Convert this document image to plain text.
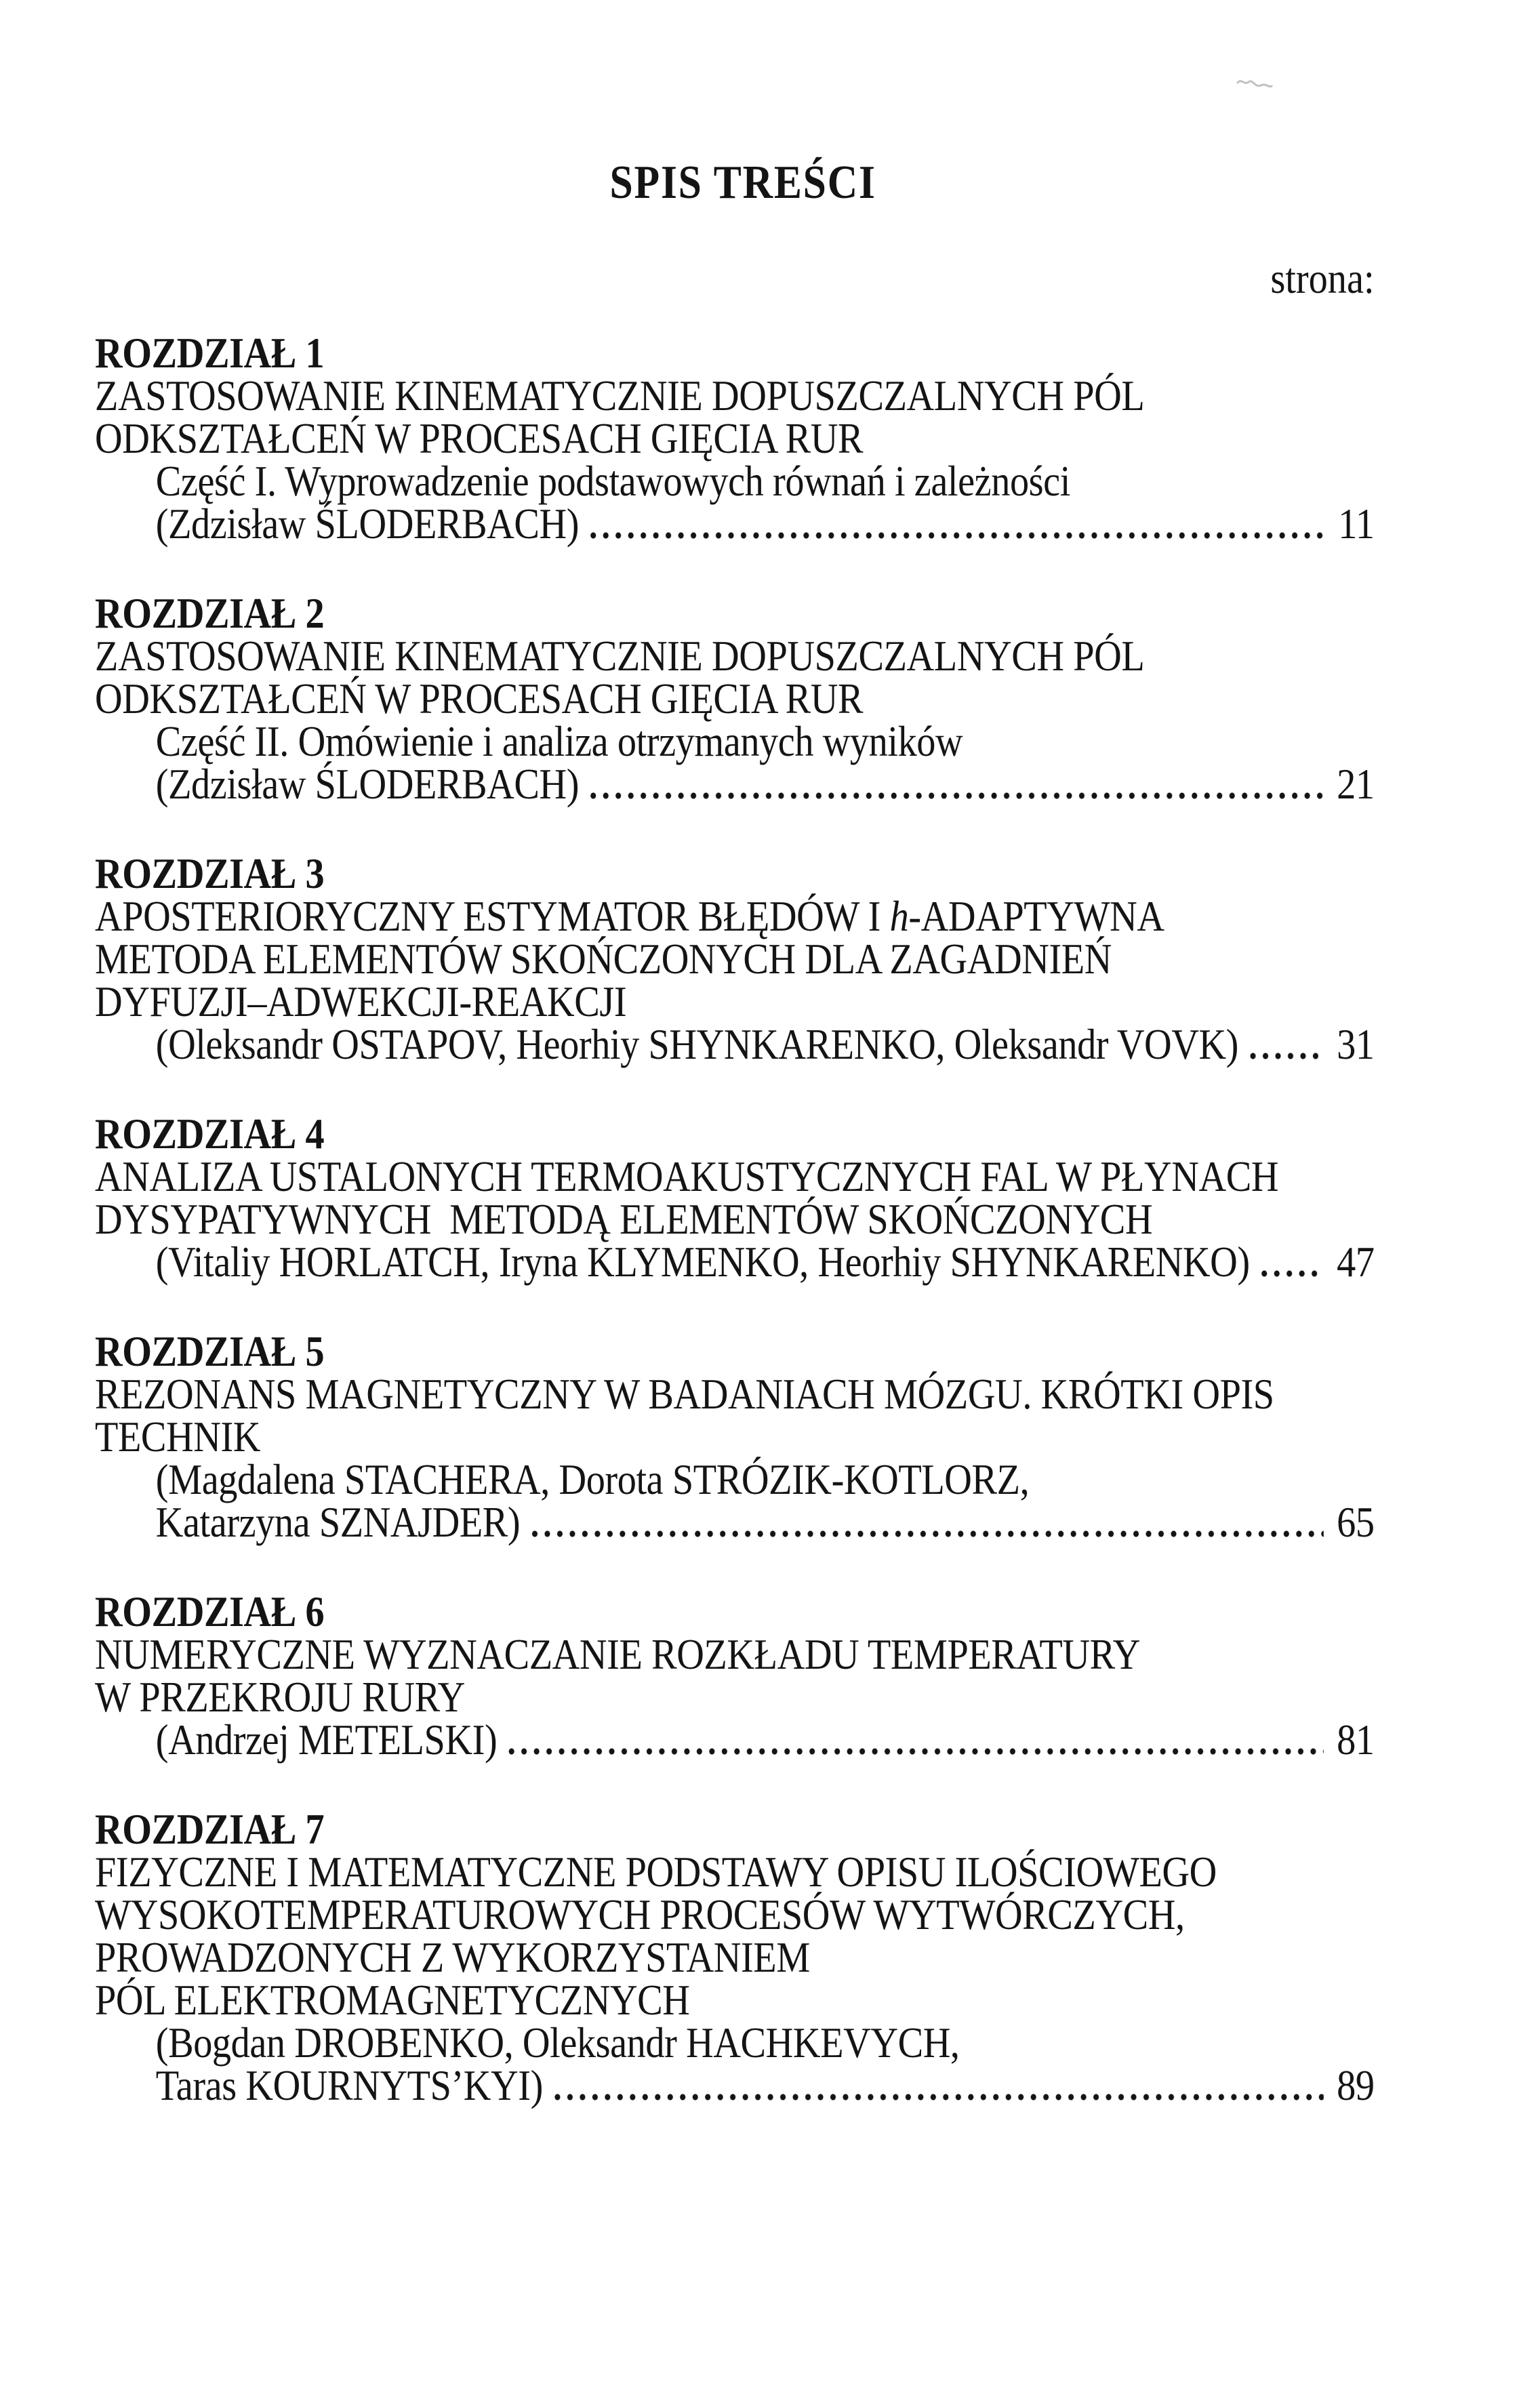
SPIS TREŚCI
strona:
ROZDZIAŁ 1
ZASTOSOWANIE KINEMATYCZNIE DOPUSZCZALNYCH PÓL
ODKSZTAŁCEŃ W PROCESACH GIĘCIA RUR
Część I. Wyprowadzenie podstawowych równań i zależności
(Zdzisław ŚLODERBACH)	11
ROZDZIAŁ 2
ZASTOSOWANIE KINEMATYCZNIE DOPUSZCZALNYCH PÓL
ODKSZTAŁCEŃ W PROCESACH GIĘCIA RUR
Część II. Omówienie i analiza otrzymanych wyników
(Zdzisław ŚLODERBACH)	21
ROZDZIAŁ 3
APOSTERIORYCZNY ESTYMATOR BŁĘDÓW I h-ADAPTYWNA
METODA ELEMENTÓW SKOŃCZONYCH DLA ZAGADNIEŃ
DYFUZJI–ADWEKCJI-REAKCJI
(Oleksandr OSTAPOV, Heorhiy SHYNKARENKO, Oleksandr VOVK) 31
ROZDZIAŁ 4
ANALIZA USTALONYCH TERMOAKUSTYCZNYCH FAL W PŁYNACH
DYSYPATYWNYCH  METODĄ ELEMENTÓW SKOŃCZONYCH
(Vitaliy HORLATCH, Iryna KLYMENKO, Heorhiy SHYNKARENKO) 47
ROZDZIAŁ 5
REZONANS MAGNETYCZNY W BADANIACH MÓZGU. KRÓTKI OPIS
TECHNIK
(Magdalena STACHERA, Dorota STRÓZIK-KOTLORZ,
Katarzyna SZNAJDER)	65
ROZDZIAŁ 6
NUMERYCZNE WYZNACZANIE ROZKŁADU TEMPERATURY
W PRZEKROJU RURY
(Andrzej METELSKI)	81
ROZDZIAŁ 7
FIZYCZNE I MATEMATYCZNE PODSTAWY OPISU ILOŚCIOWEGO
WYSOKOTEMPERATUROWYCH PROCESÓW WYTWÓRCZYCH,
PROWADZONYCH Z WYKORZYSTANIEM
PÓL ELEKTROMAGNETYCZNYCH
(Bogdan DROBENKO, Oleksandr HACHKEVYCH,
Taras KOURNYTS’KYI)	89
